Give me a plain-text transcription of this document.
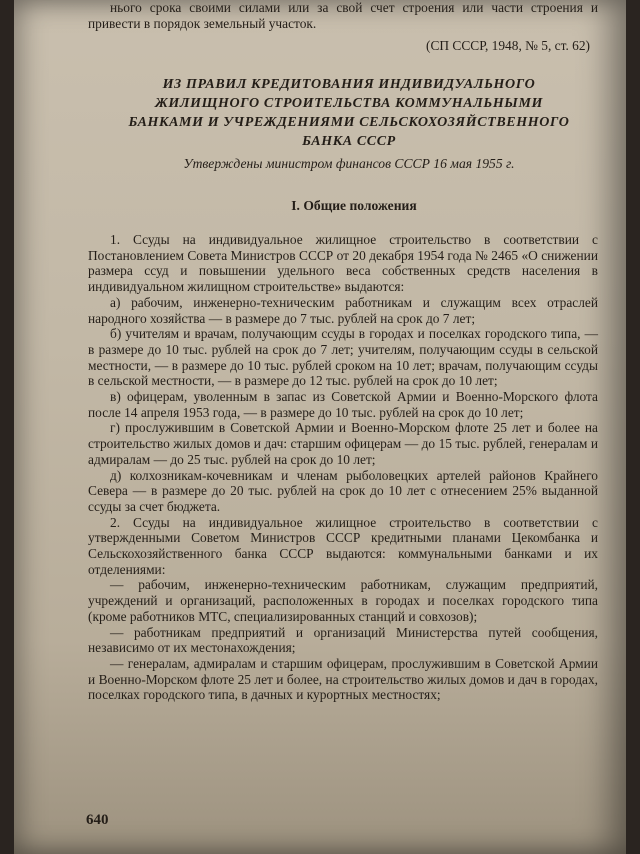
нього срока своими силами или за свой счет строения или части строения и привести в порядок земельный участок.

(СП СССР, 1948, № 5, ст. 62)
ИЗ ПРАВИЛ КРЕДИТОВАНИЯ ИНДИВИДУАЛЬНОГО ЖИЛИЩНОГО СТРОИТЕЛЬСТВА КОММУНАЛЬНЫМИ БАНКАМИ И УЧРЕЖДЕНИЯМИ СЕЛЬСКОХОЗЯЙСТВЕННОГО БАНКА СССР
Утверждены министром финансов СССР 16 мая 1955 г.
I. Общие положения

1. Ссуды на индивидуальное жилищное строительство в соответствии с Постановлением Совета Министров СССР от 20 декабря 1954 года № 2465 «О снижении размера ссуд и повышении удельного веса собственных средств населения в индивидуальном жилищном строительстве» выдаются:

а) рабочим, инженерно-техническим работникам и служащим всех отраслей народного хозяйства — в размере до 7 тыс. рублей на срок до 7 лет;

б) учителям и врачам, получающим ссуды в городах и поселках городского типа, — в размере до 10 тыс. рублей на срок до 7 лет; учителям, получающим ссуды в сельской местности, — в размере до 10 тыс. рублей сроком на 10 лет; врачам, получающим ссуды в сельской местности, — в размере до 12 тыс. рублей на срок до 10 лет;

в) офицерам, уволенным в запас из Советской Армии и Военно-Морского флота после 14 апреля 1953 года, — в размере до 10 тыс. рублей на срок до 10 лет;

г) прослужившим в Советской Армии и Военно-Морском флоте 25 лет и более на строительство жилых домов и дач: старшим офицерам — до 15 тыс. рублей, генералам и адмиралам — до 25 тыс. рублей на срок до 10 лет;

д) колхозникам-кочевникам и членам рыболовецких артелей районов Крайнего Севера — в размере до 20 тыс. рублей на срок до 10 лет с отнесением 25% выданной ссуды за счет бюджета.

2. Ссуды на индивидуальное жилищное строительство в соответствии с утвержденными Советом Министров СССР кредитными планами Цекомбанка и Сельскохозяйственного банка СССР выдаются: коммунальными банками и их отделениями:

— рабочим, инженерно-техническим работникам, служащим предприятий, учреждений и организаций, расположенных в городах и поселках городского типа (кроме работников МТС, специализированных станций и совхозов);

— работникам предприятий и организаций Министерства путей сообщения, независимо от их местонахождения;

— генералам, адмиралам и старшим офицерам, прослужившим в Советской Армии и Военно-Морском флоте 25 лет и более, на строительство жилых домов и дач в городах, поселках городского типа, в дачных и курортных местностях;

640
